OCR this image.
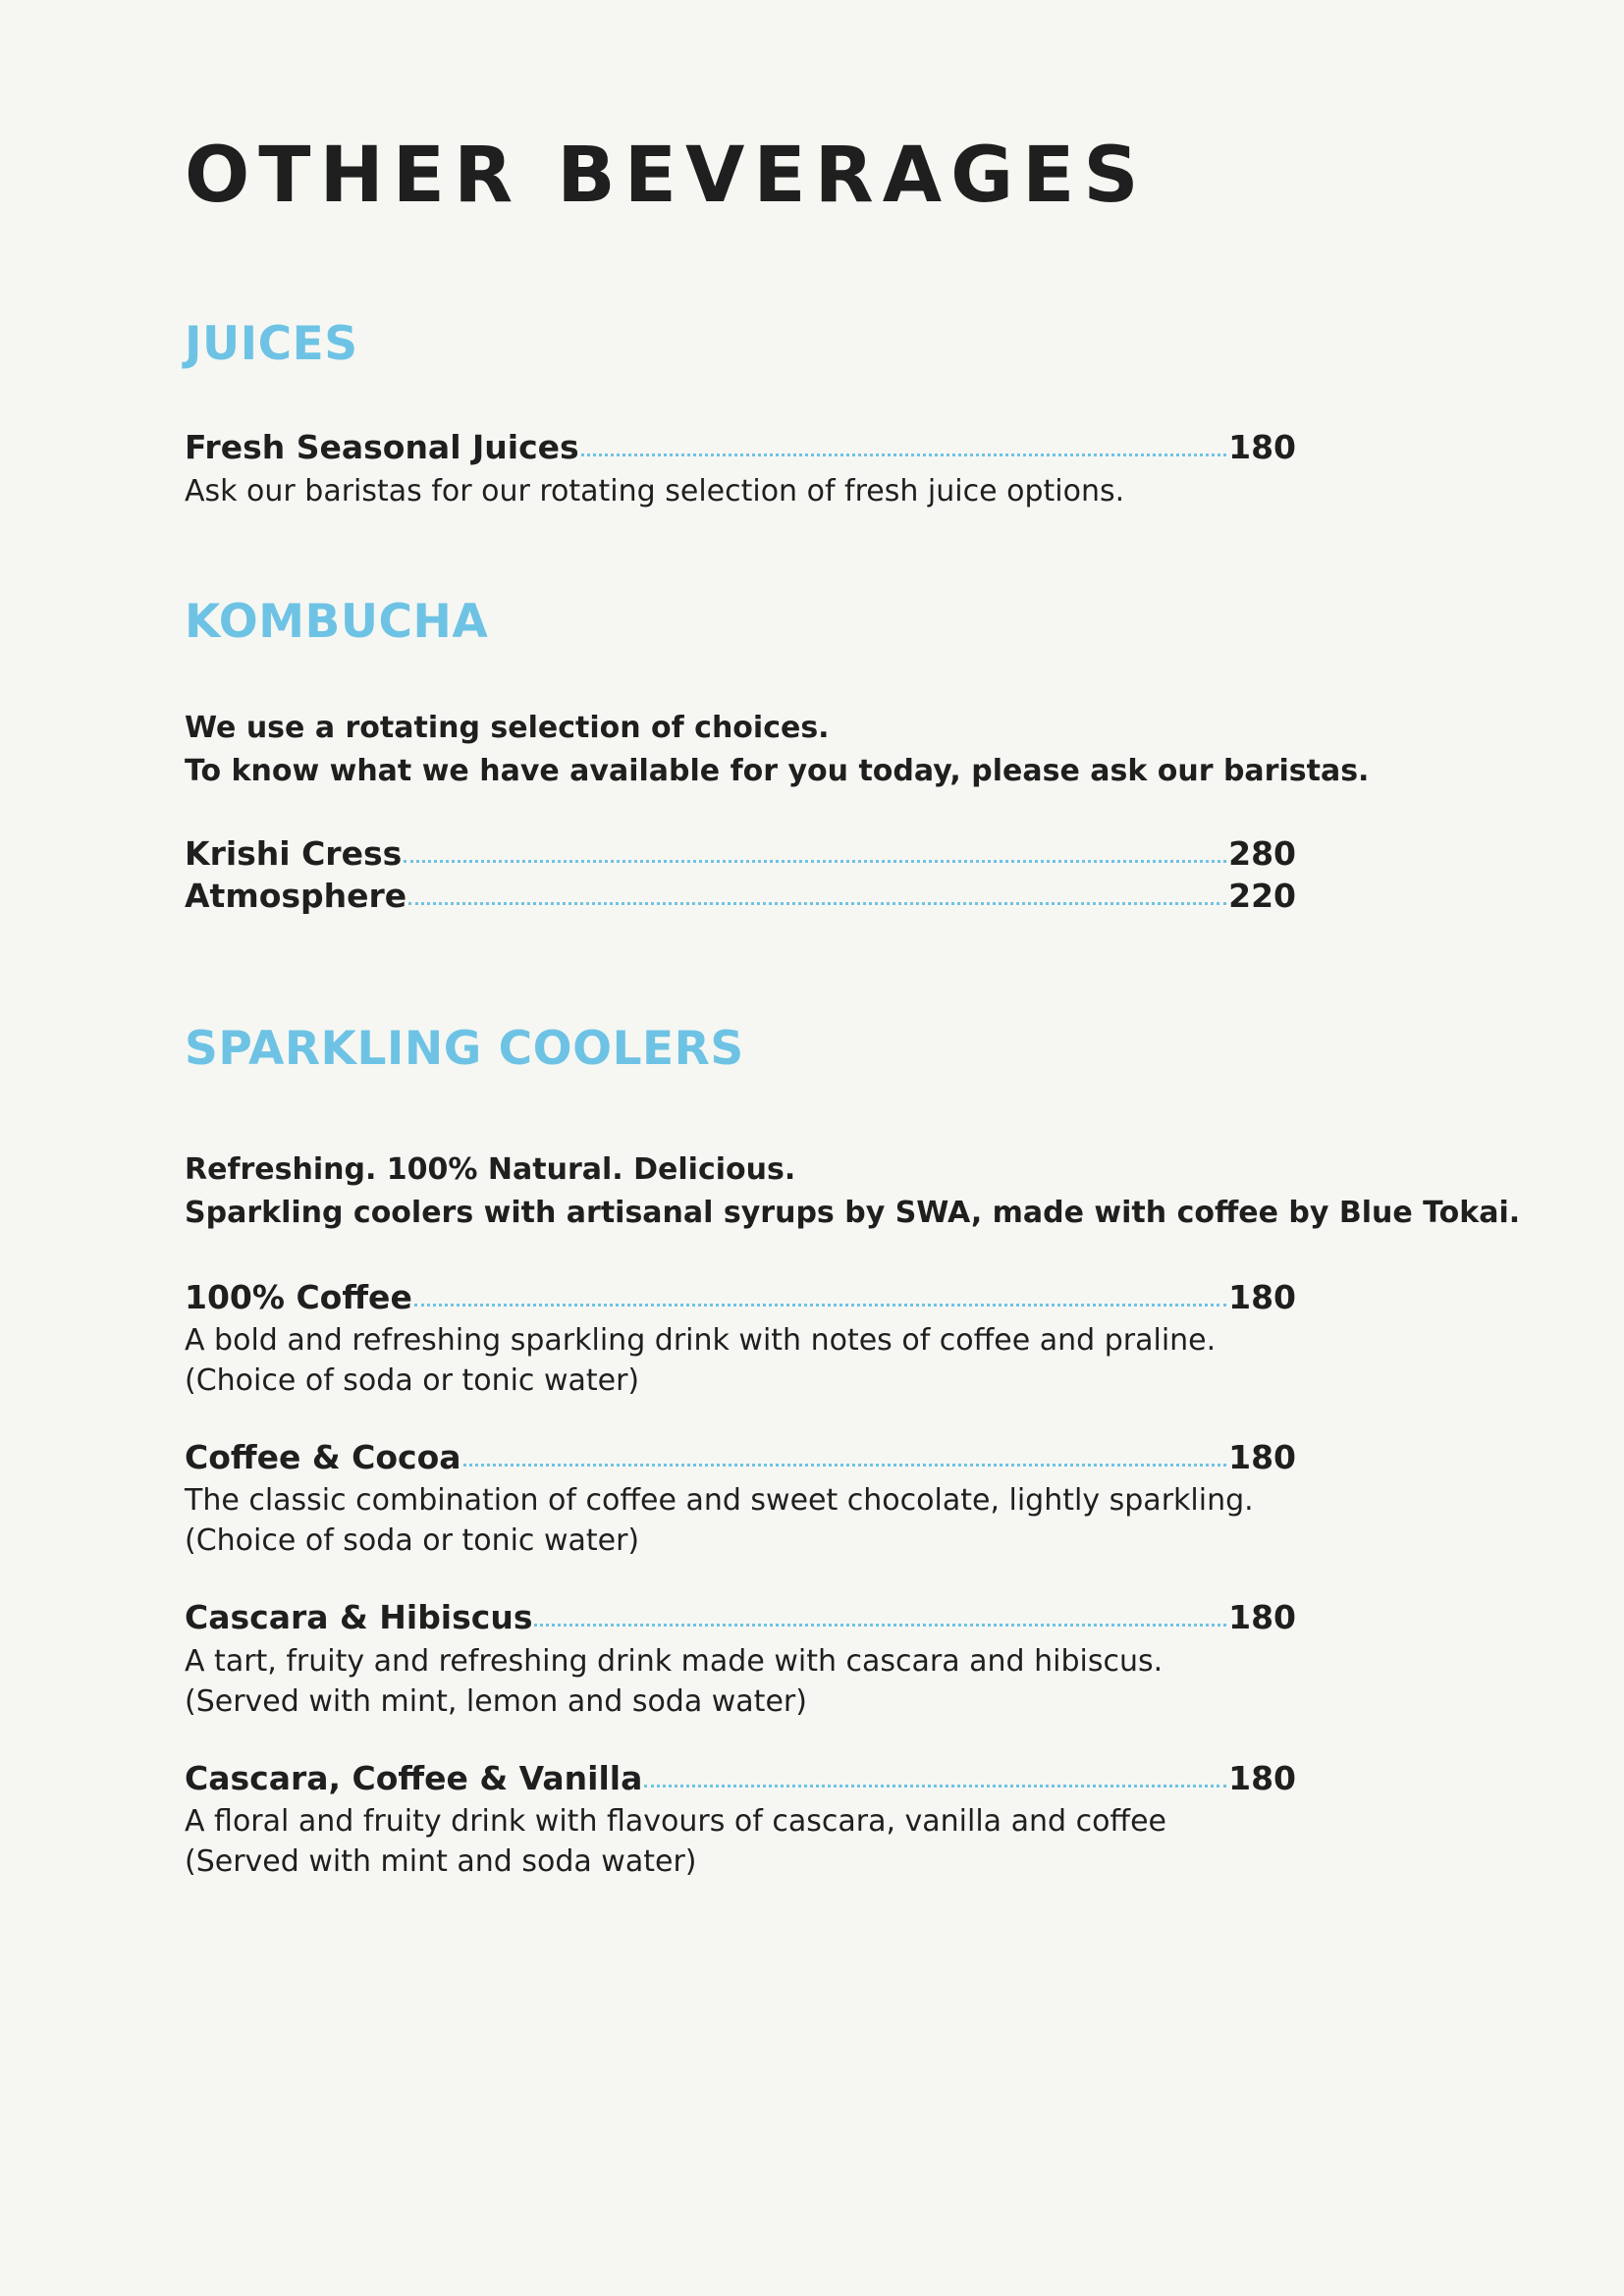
OTHER BEVERAGES
JUICES
Fresh Seasonal Juices	180

Ask our baristas for our rotating selection of fresh juice options.

KOMBUCHA

We use a rotating selection of choices.
To know what we have available for you today, please ask our baristas.

Krishi Cress	280
Atmosphere	220
SPARKLING COOLERS

Refreshing. 100% Natural. Delicious.
Sparkling coolers with artisanal syrups by SWA, made with coffee by Blue Tokai.

100% Coffee	180

A bold and refreshing sparkling drink with notes of coffee and praline.
(Choice of soda or tonic water)

Coffee & Cocoa	180

The classic combination of coffee and sweet chocolate, lightly sparkling.
(Choice of soda or tonic water)

Cascara & Hibiscus	180

A tart, fruity and refreshing drink made with cascara and hibiscus.
(Served with mint, lemon and soda water)

Cascara, Coffee & Vanilla	180

A floral and fruity drink with flavours of cascara, vanilla and coffee
(Served with mint and soda water)
